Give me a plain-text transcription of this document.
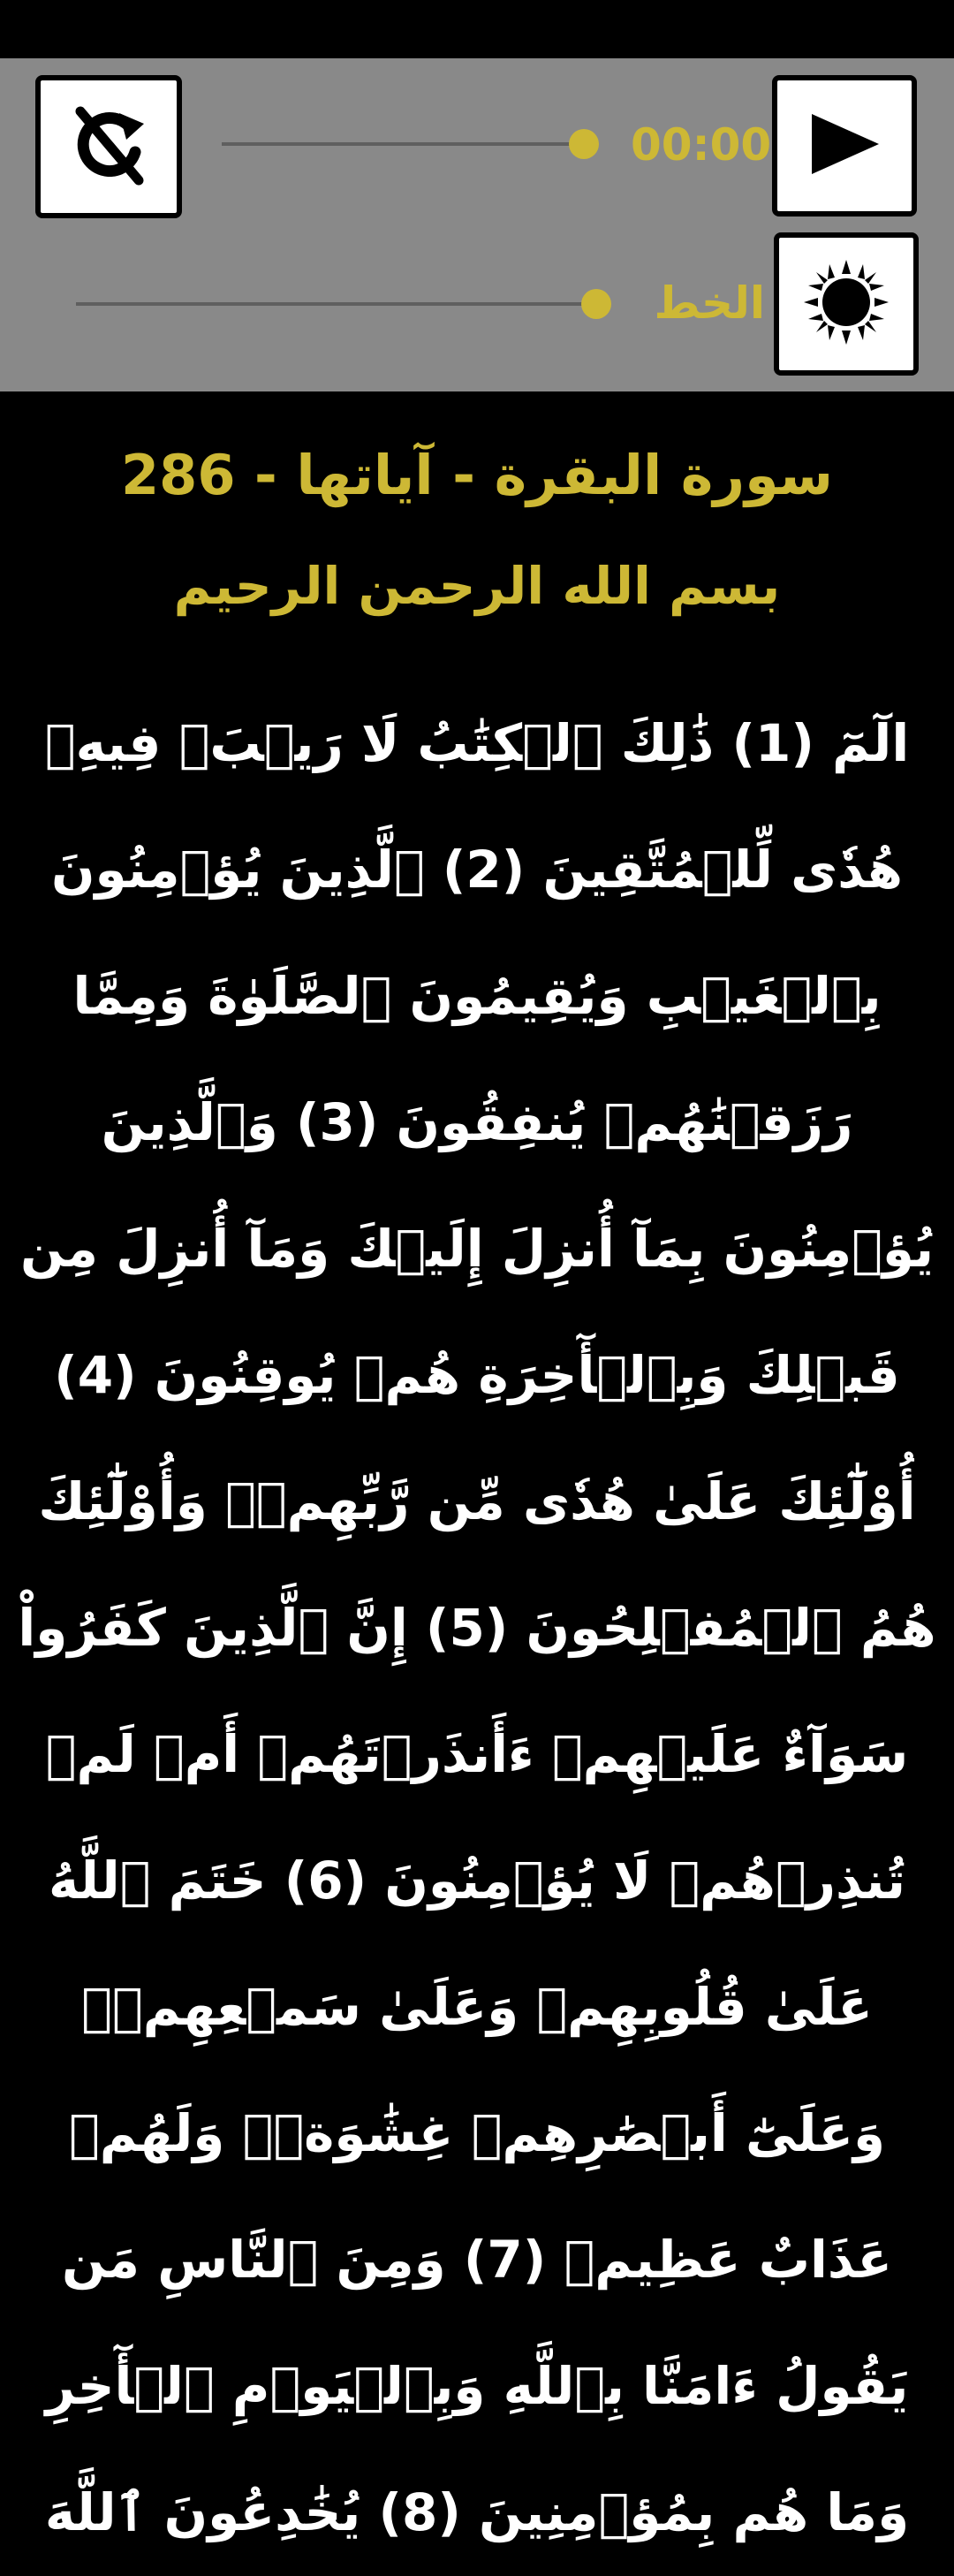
00:00
الخط
سورة البقرة - آياتها - 286
بسم الله الرحمن الرحيم
الٓمٓ (1) ذَٰلِكَ ٱلۡكِتَٰبُ لَا رَيۡبَۛ فِيهِۛ هُدٗى لِّلۡمُتَّقِينَ (2) ٱلَّذِينَ يُؤۡمِنُونَ بِٱلۡغَيۡبِ وَيُقِيمُونَ ٱلصَّلَوٰةَ وَمِمَّا رَزَقۡنَٰهُمۡ يُنفِقُونَ (3) وَٱلَّذِينَ يُؤۡمِنُونَ بِمَآ أُنزِلَ إِلَيۡكَ وَمَآ أُنزِلَ مِن قَبۡلِكَ وَبِٱلۡأٓخِرَةِ هُمۡ يُوقِنُونَ (4) أُوْلَٰٓئِكَ عَلَىٰ هُدٗى مِّن رَّبِّهِمۡۖ وَأُوْلَٰٓئِكَ هُمُ ٱلۡمُفۡلِحُونَ (5) إِنَّ ٱلَّذِينَ كَفَرُواْ سَوَآءٌ عَلَيۡهِمۡ ءَأَنذَرۡتَهُمۡ أَمۡ لَمۡ تُنذِرۡهُمۡ لَا يُؤۡمِنُونَ (6) خَتَمَ ٱللَّهُ عَلَىٰ قُلُوبِهِمۡ وَعَلَىٰ سَمۡعِهِمۡۖ وَعَلَىٰٓ أَبۡصَٰرِهِمۡ غِشَٰوَةٞۖ وَلَهُمۡ عَذَابٌ عَظِيمٞ (7) وَمِنَ ٱلنَّاسِ مَن يَقُولُ ءَامَنَّا بِٱللَّهِ وَبِٱلۡيَوۡمِ ٱلۡأٓخِرِ وَمَا هُم بِمُؤۡمِنِينَ (8) يُخَٰدِعُونَ ٱللَّهَ
